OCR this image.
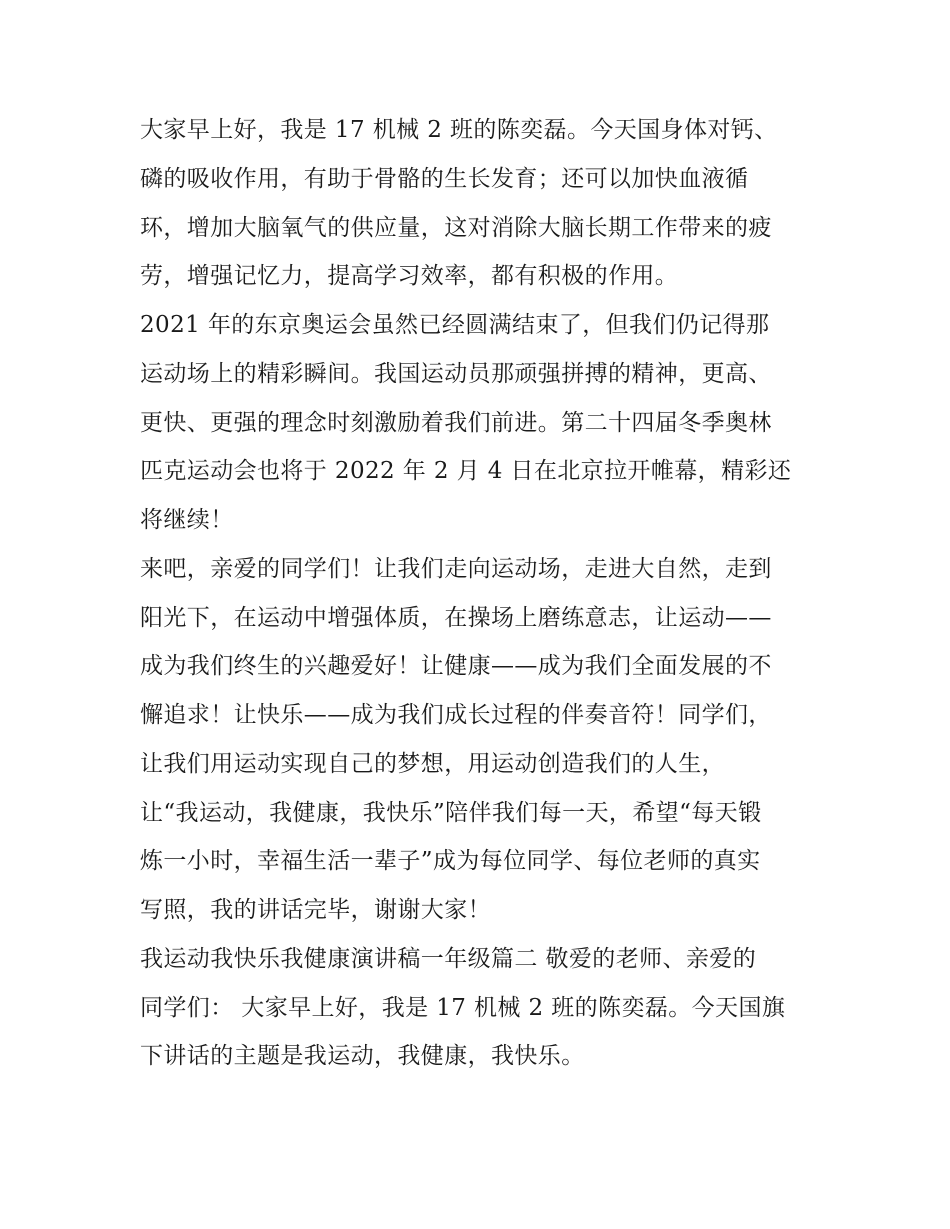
大家早上好，我是 17 机械 2 班的陈奕磊。今天国身体对钙、
磷的吸收作用，有助于骨骼的生长发育；还可以加快血液循
环，增加大脑氧气的供应量，这对消除大脑长期工作带来的疲
劳，增强记忆力，提高学习效率，都有积极的作用。
2021 年的东京奥运会虽然已经圆满结束了，但我们仍记得那
运动场上的精彩瞬间。我国运动员那顽强拼搏的精神，更高、
更快、更强的理念时刻激励着我们前进。第二十四届冬季奥林
匹克运动会也将于 2022 年 2 月 4 日在北京拉开帷幕，精彩还
将继续！
来吧，亲爱的同学们！让我们走向运动场，走进大自然，走到
阳光下，在运动中增强体质，在操场上磨练意志，让运动——
成为我们终生的兴趣爱好！让健康——成为我们全面发展的不
懈追求！让快乐——成为我们成长过程的伴奏音符！同学们，
让我们用运动实现自己的梦想，用运动创造我们的人生，
让“我运动，我健康，我快乐”陪伴我们每一天，希望“每天锻
炼一小时，幸福生活一辈子”成为每位同学、每位老师的真实
写照，我的讲话完毕，谢谢大家！
我运动我快乐我健康演讲稿一年级篇二 敬爱的老师、亲爱的
同学们： 大家早上好，我是 17 机械 2 班的陈奕磊。今天国旗
下讲话的主题是我运动，我健康，我快乐。
